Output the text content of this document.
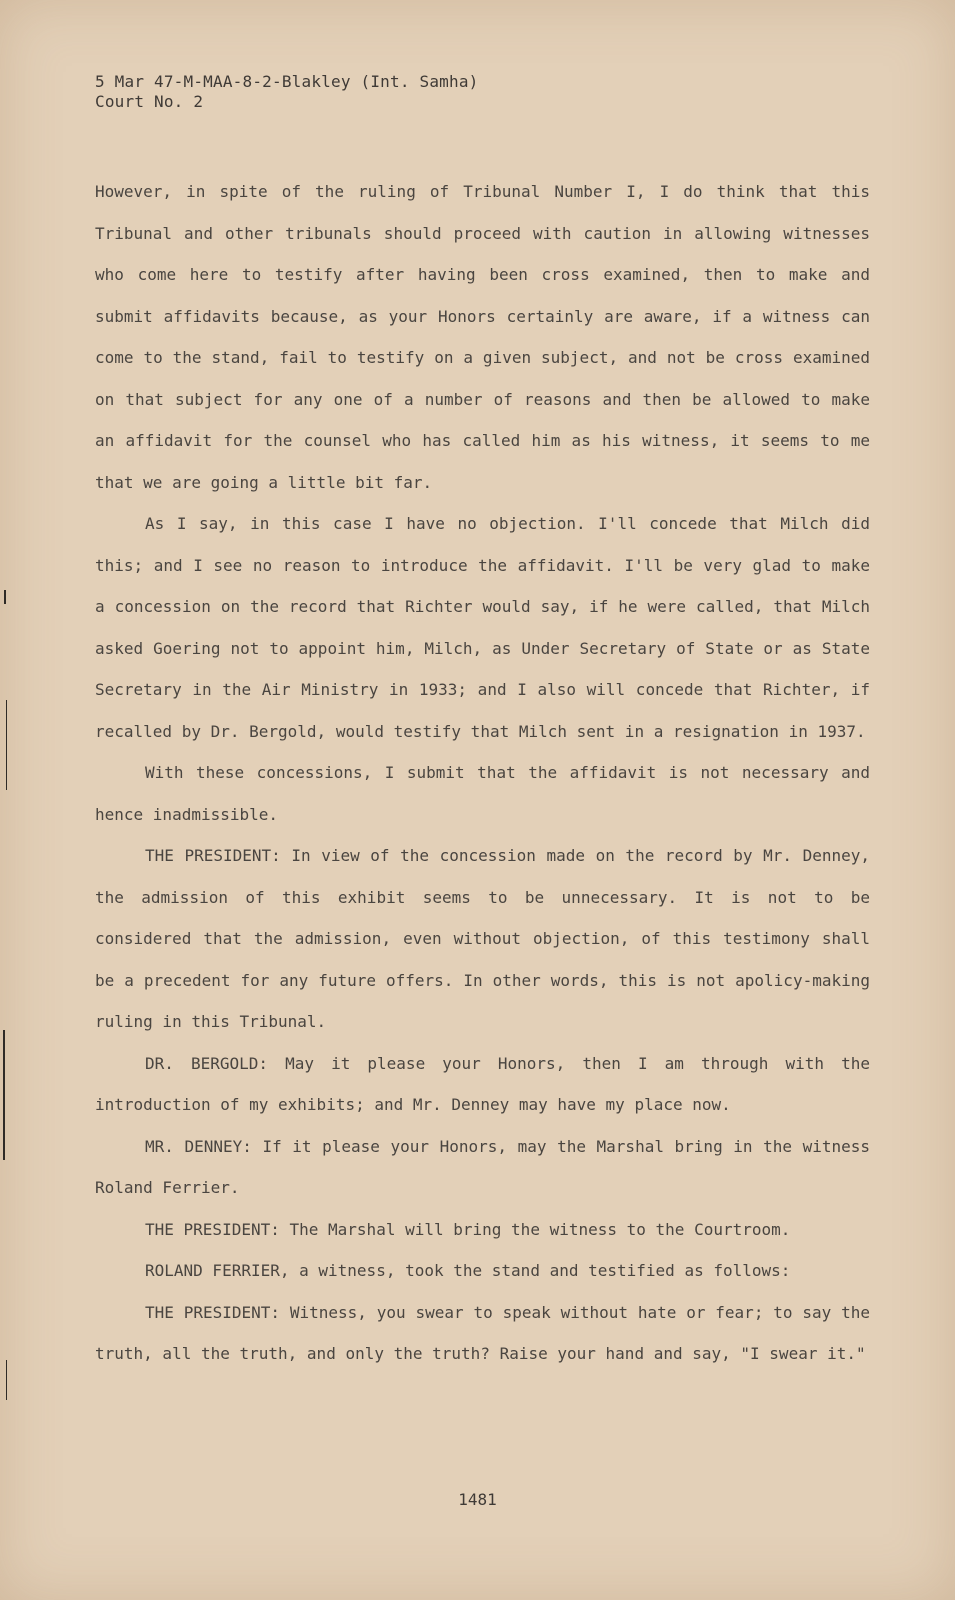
5 Mar 47-M-MAA-8-2-Blakley (Int. Samha)
Court No. 2

However, in spite of the ruling of Tribunal Number I, I do think that this Tribunal and other tribunals should proceed with caution in allowing witnesses who come here to testify after having been cross examined, then to make and submit affidavits because, as your Honors certainly are aware, if a witness can come to the stand, fail to testify on a given subject, and not be cross examined on that subject for any one of a number of reasons and then be allowed to make an affidavit for the counsel who has called him as his witness, it seems to me that we are going a little bit far.

As I say, in this case I have no objection. I'll concede that Milch did this; and I see no reason to introduce the affidavit. I'll be very glad to make a concession on the record that Richter would say, if he were called, that Milch asked Goering not to appoint him, Milch, as Under Secretary of State or as State Secretary in the Air Ministry in 1933; and I also will concede that Richter, if recalled by Dr. Bergold, would testify that Milch sent in a resignation in 1937.

With these concessions, I submit that the affidavit is not necessary and hence inadmissible.

THE PRESIDENT: In view of the concession made on the record by Mr. Denney, the admission of this exhibit seems to be unnecessary. It is not to be considered that the admission, even without objection, of this testimony shall be a precedent for any future offers. In other words, this is not apolicy-making ruling in this Tribunal.

DR. BERGOLD: May it please your Honors, then I am through with the introduction of my exhibits; and Mr. Denney may have my place now.

MR. DENNEY: If it please your Honors, may the Marshal bring in the witness Roland Ferrier.

THE PRESIDENT: The Marshal will bring the witness to the Courtroom.

ROLAND FERRIER, a witness, took the stand and testified as follows:

THE PRESIDENT: Witness, you swear to speak without hate or fear; to say the truth, all the truth, and only the truth? Raise your hand and say, "I swear it."

1481
